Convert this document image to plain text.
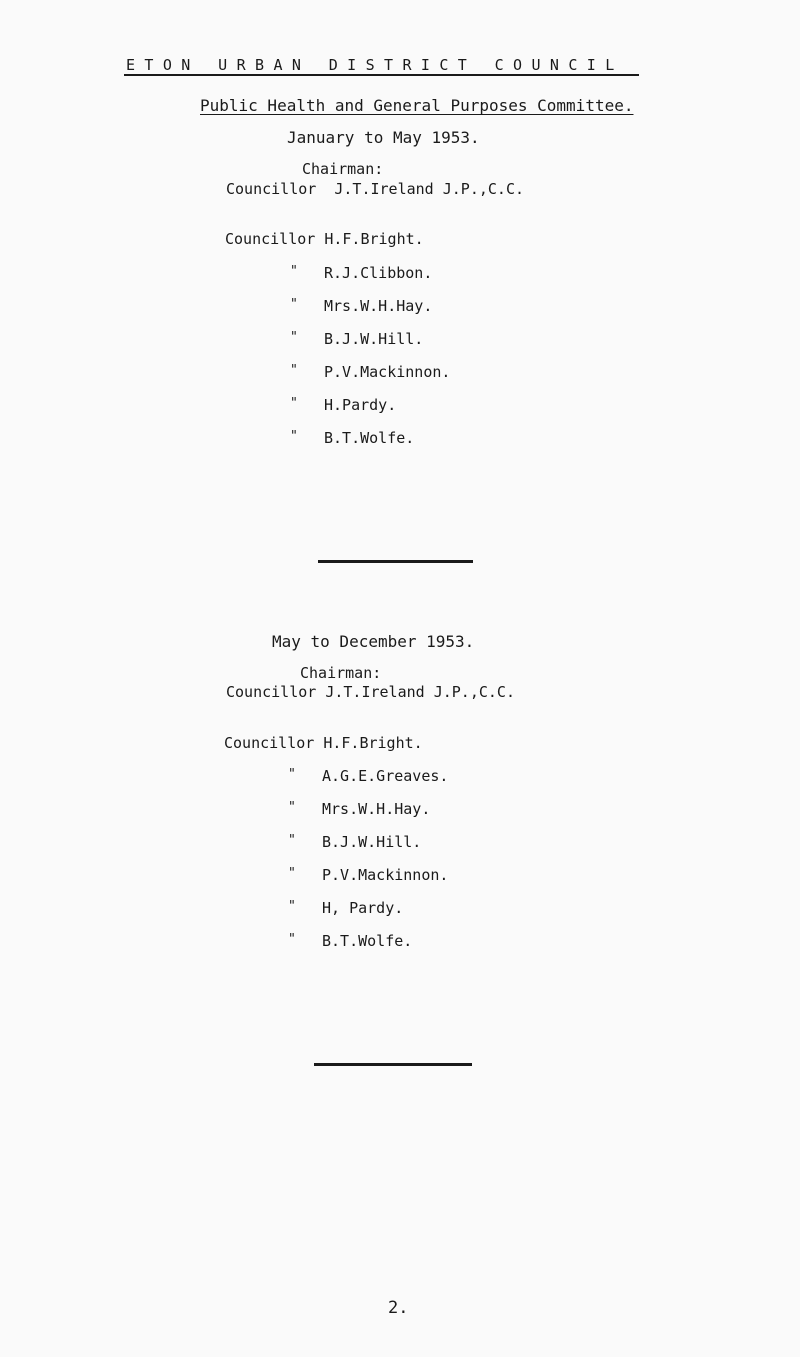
ETON URBAN DISTRICT COUNCIL
Public Health and General Purposes Committee.
January to May 1953.
Chairman:
Councillor  J.T.Ireland J.P.,C.C.
Councillor H.F.Bright.
" R.J.Clibbon.
" Mrs.W.H.Hay.
" B.J.W.Hill.
" P.V.Mackinnon.
" H.Pardy.
" B.T.Wolfe.
May to December 1953.
Chairman:
Councillor J.T.Ireland J.P.,C.C.
Councillor H.F.Bright.
" A.G.E.Greaves.
" Mrs.W.H.Hay.
" B.J.W.Hill.
" P.V.Mackinnon.
" H, Pardy.
" B.T.Wolfe.
2.
